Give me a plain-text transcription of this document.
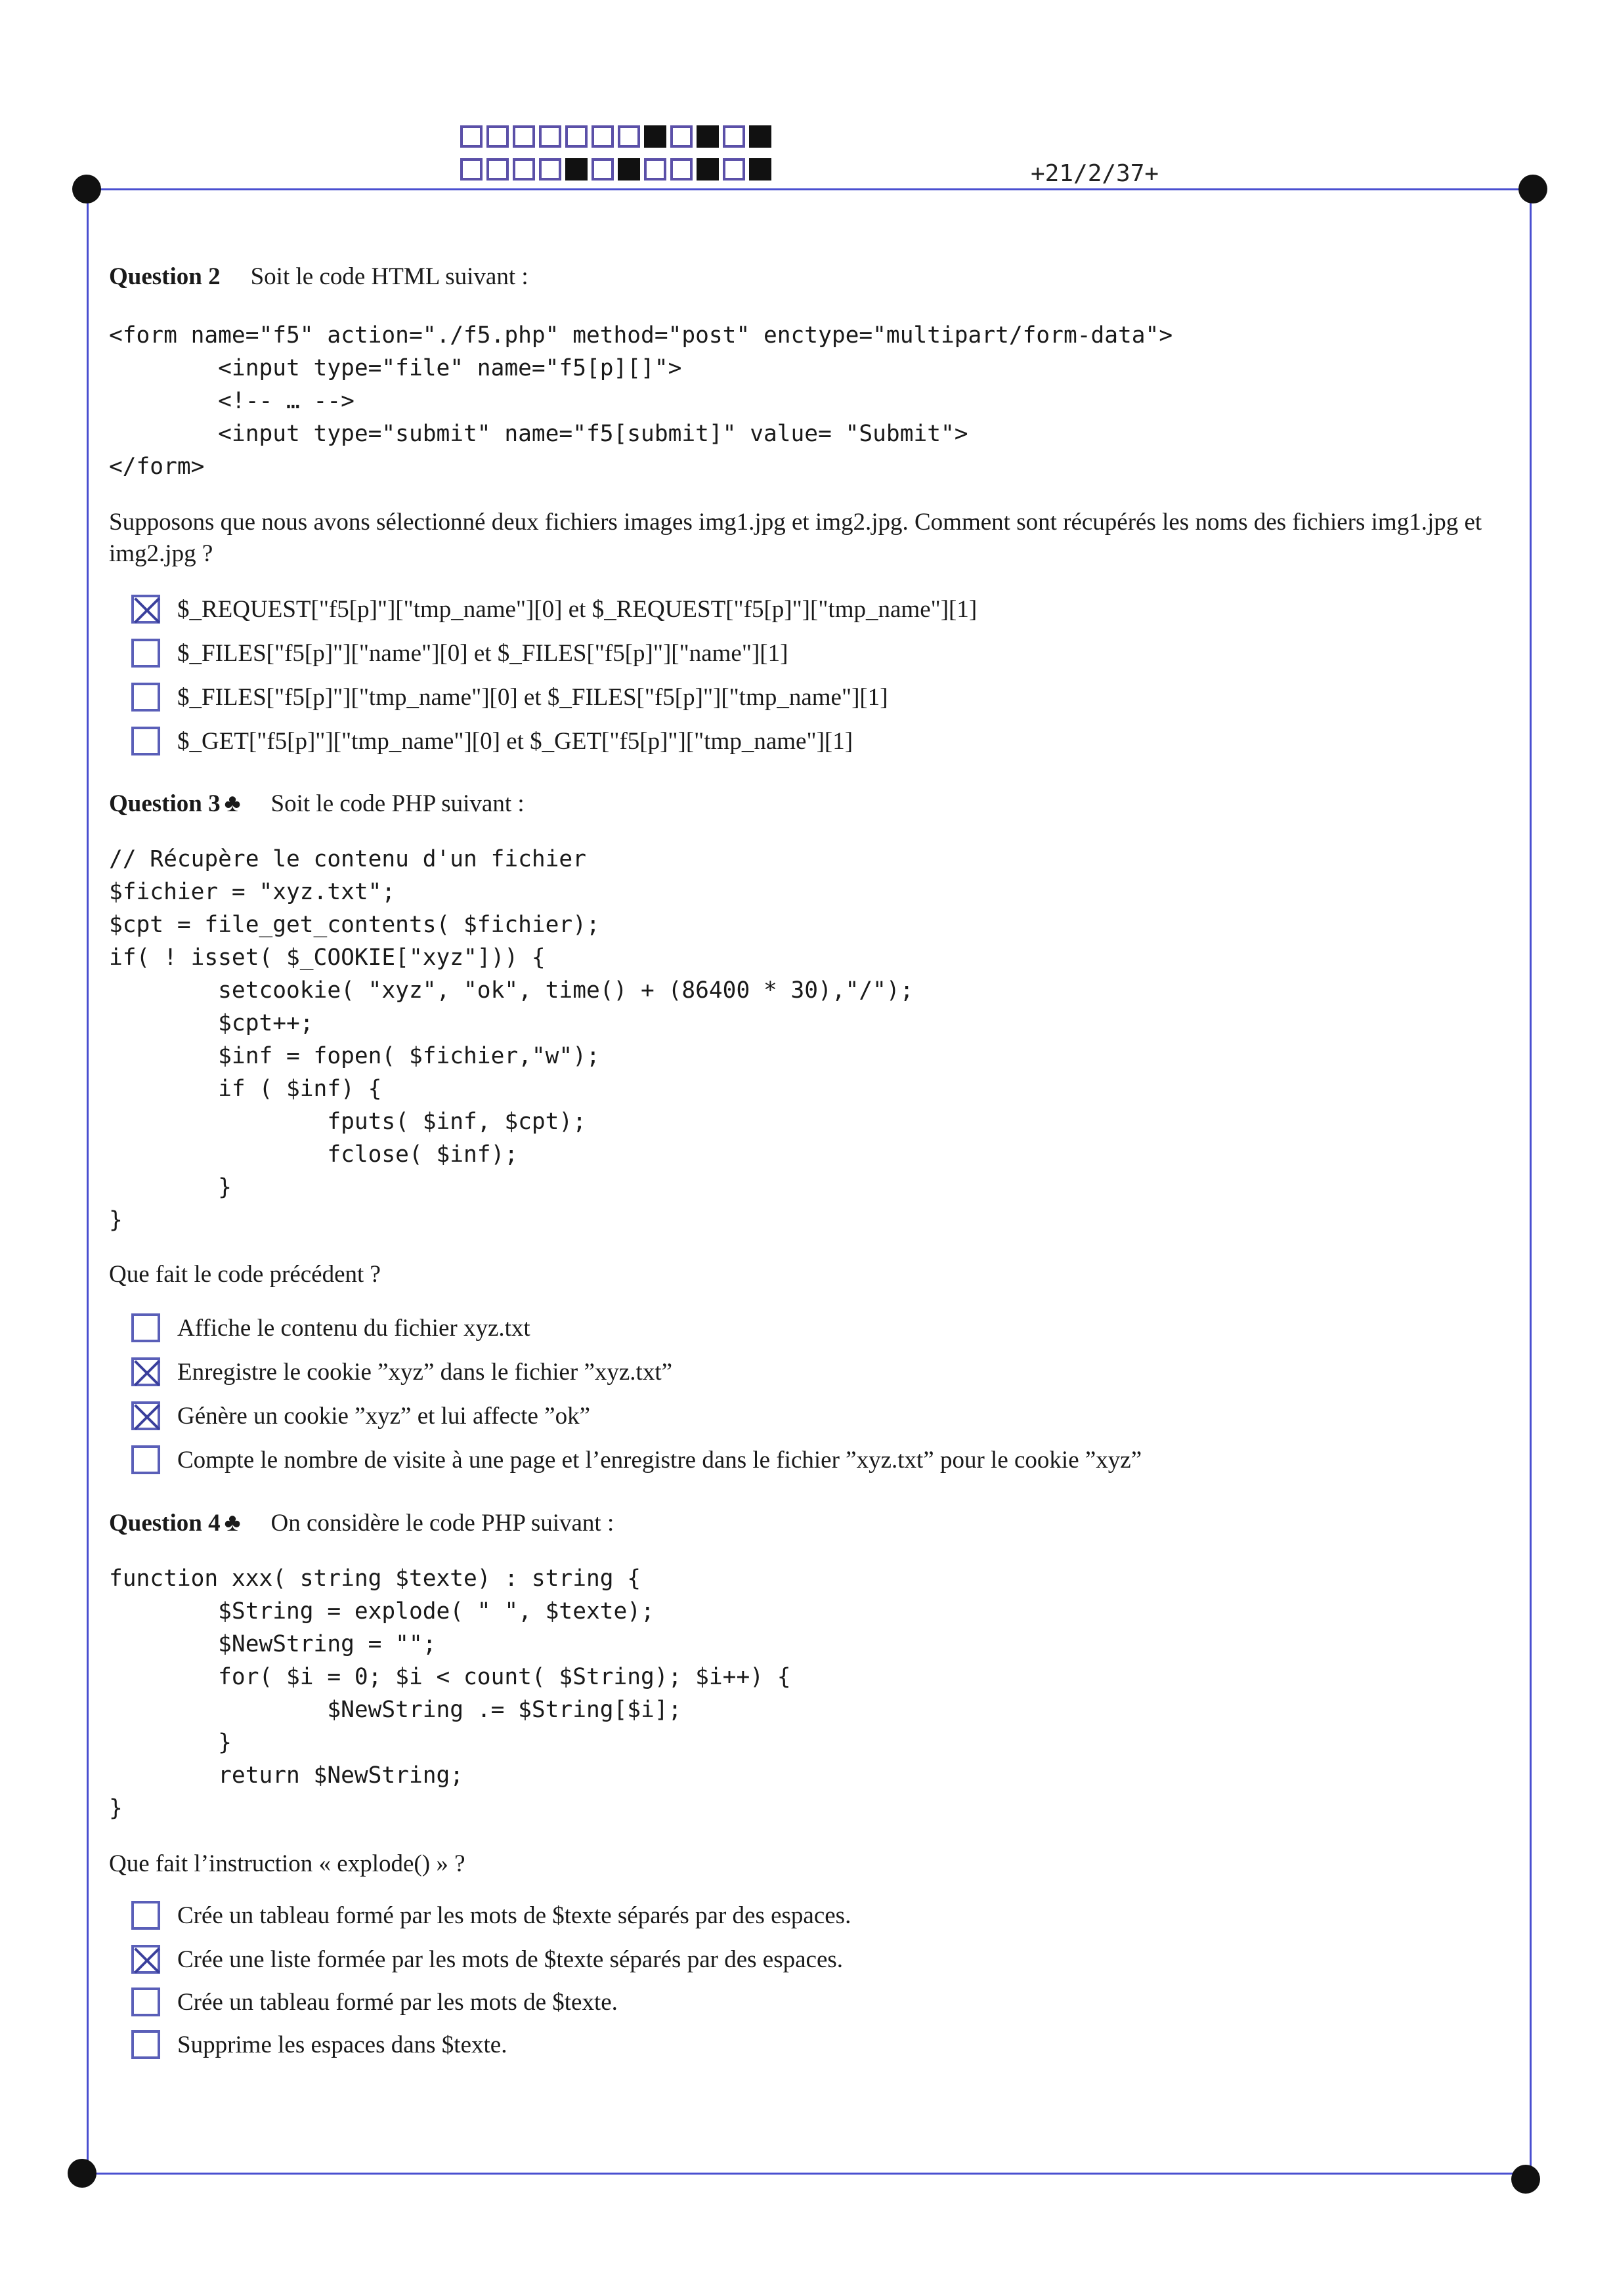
+21/2/37+
Question 2 Soit le code HTML suivant :
<form name="f5" action="./f5.php" method="post" enctype="multipart/form-data">
<input type="file" name="f5[p][]">
<!-- … -->
<input type="submit" name="f5[submit]" value= "Submit">
</form>
Supposons que nous avons sélectionné deux fichiers images img1.jpg et img2.jpg. Comment sont récupérés les noms des fichiers img1.jpg et img2.jpg ?
$_REQUEST["f5[p]"]["tmp_name"][0] et $_REQUEST["f5[p]"]["tmp_name"][1]
$_FILES["f5[p]"]["name"][0] et $_FILES["f5[p]"]["name"][1]
$_FILES["f5[p]"]["tmp_name"][0] et $_FILES["f5[p]"]["tmp_name"][1]
$_GET["f5[p]"]["tmp_name"][0] et $_GET["f5[p]"]["tmp_name"][1]
Question 3 ♣ Soit le code PHP suivant :
// Récupère le contenu d'un fichier
$fichier = "xyz.txt";
$cpt = file_get_contents( $fichier);
if( ! isset( $_COOKIE["xyz"])) {
setcookie( "xyz", "ok", time() + (86400 * 30),"/");
$cpt++;
$inf = fopen( $fichier,"w");
if ( $inf) {
fputs( $inf, $cpt);
fclose( $inf);
}
}
Que fait le code précédent ?
Affiche le contenu du fichier xyz.txt
Enregistre le cookie ”xyz” dans le fichier ”xyz.txt”
Génère un cookie ”xyz” et lui affecte ”ok”
Compte le nombre de visite à une page et l’enregistre dans le fichier ”xyz.txt” pour le cookie ”xyz”
Question 4 ♣ On considère le code PHP suivant :
function xxx( string $texte) : string {
$String = explode( " ", $texte);
$NewString = "";
for( $i = 0; $i < count( $String); $i++) {
$NewString .= $String[$i];
}
return $NewString;
}
Que fait l’instruction « explode() » ?
Crée un tableau formé par les mots de $texte séparés par des espaces.
Crée une liste formée par les mots de $texte séparés par des espaces.
Crée un tableau formé par les mots de $texte.
Supprime les espaces dans $texte.
